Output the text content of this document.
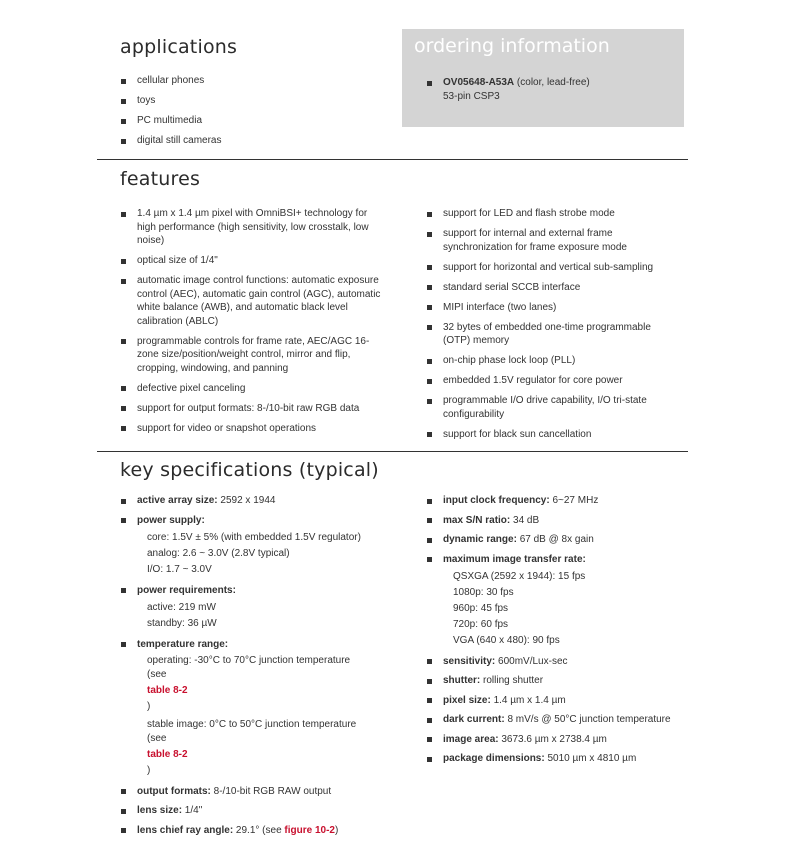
applications
cellular phones
toys
PC multimedia
digital still cameras
ordering information
OV05648-A53A (color, lead-free)
53-pin CSP3
features
1.4 µm x 1.4 µm pixel with OmniBSI+ technology for high performance (high sensitivity, low crosstalk, low noise)
optical size of 1/4"
automatic image control functions: automatic exposure control (AEC), automatic gain control (AGC), automatic white balance (AWB), and automatic black level calibration (ABLC)
programmable controls for frame rate, AEC/AGC 16-zone size/position/weight control, mirror and flip, cropping, windowing, and panning
defective pixel canceling
support for output formats: 8-/10-bit raw RGB data
support for video or snapshot operations
support for LED and flash strobe mode
support for internal and external frame synchronization for frame exposure mode
support for horizontal and vertical sub-sampling
standard serial SCCB interface
MIPI interface (two lanes)
32 bytes of embedded one-time programmable (OTP) memory
on-chip phase lock loop (PLL)
embedded 1.5V regulator for core power
programmable I/O drive capability, I/O tri-state configurability
support for black sun cancellation
key specifications (typical)
active array size: 2592 x 1944
power supply:
core: 1.5V ± 5% (with embedded 1.5V regulator)
analog: 2.6 ~ 3.0V (2.8V typical)
I/O: 1.7 ~ 3.0V
power requirements:
active: 219 mW
standby: 36 µW
temperature range:
operating: -30°C to 70°C junction temperature
(see
table 8-2
)
stable image: 0°C to 50°C junction temperature
(see
table 8-2
)
output formats: 8-/10-bit RGB RAW output
lens size: 1/4"
lens chief ray angle: 29.1° (see figure 10-2)
input clock frequency: 6~27 MHz
max S/N ratio: 34 dB
dynamic range: 67 dB @ 8x gain
maximum image transfer rate:
QSXGA (2592 x 1944): 15 fps
1080p: 30 fps
960p: 45 fps
720p: 60 fps
VGA (640 x 480): 90 fps
sensitivity: 600mV/Lux-sec
shutter: rolling shutter
pixel size: 1.4 µm x 1.4 µm
dark current: 8 mV/s @ 50°C junction temperature
image area: 3673.6 µm x 2738.4 µm
package dimensions: 5010 µm x 4810 µm
